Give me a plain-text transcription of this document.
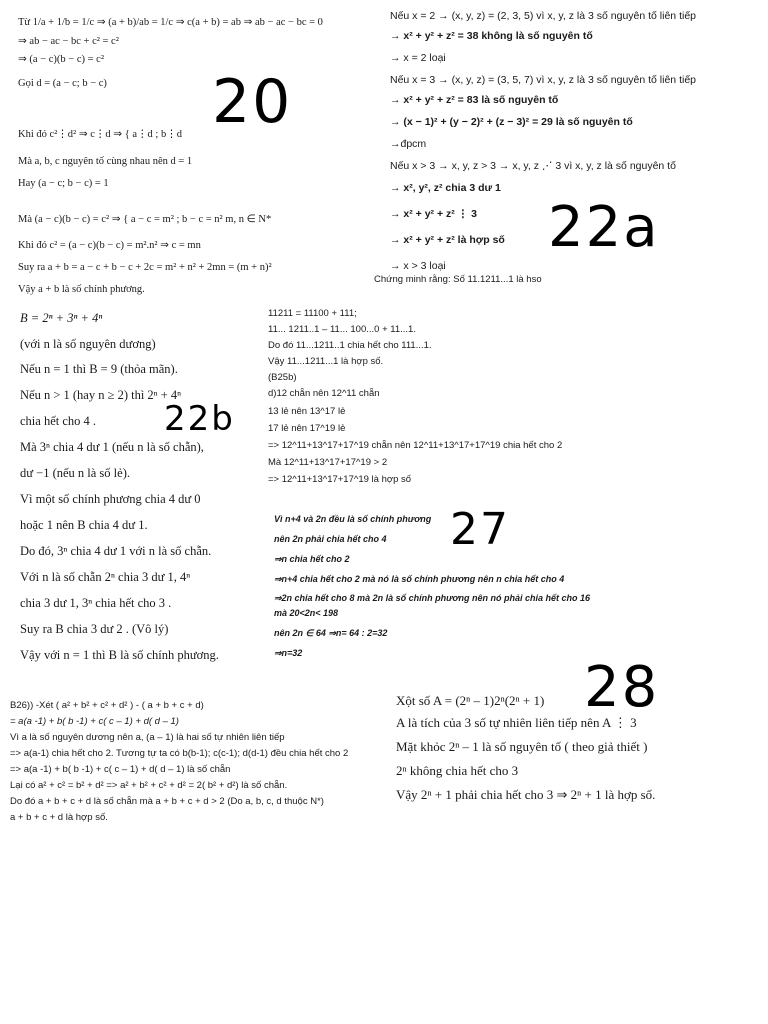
Từ 1/a + 1/b = 1/c ⇒ (a + b)/ab = 1/c ⇒ c(a + b) = ab ⇒ ab − ac − bc = 0
⇒ ab − ac − bc + c² = c²
⇒ (a − c)(b − c) = c²
Gọi d = (a − c; b − c)
Khi đó c²⋮d² ⇒ c⋮d ⇒ { a⋮d ; b⋮d
Mà a, b, c nguyên tố cùng nhau nên d = 1
Hay (a − c; b − c) = 1
Mà (a − c)(b − c) = c² ⇒ { a − c = m² ; b − c = n² m, n ∈ N*
Khi đó c² = (a − c)(b − c) = m².n² ⇒ c = mn
Suy ra a + b = a − c + b − c + 2c = m² + n² + 2mn = (m + n)²
Vậy a + b là số chính phương.
20
Nếu x = 2 → (x, y, z) = (2, 3, 5) vì x, y, z là 3 số nguyên tố liên tiếp
→ x² + y² + z² = 38 không là số nguyên tố
→ x = 2 loại
Nếu x = 3 → (x, y, z) = (3, 5, 7) vì x, y, z là 3 số nguyên tố liên tiếp
→ x² + y² + z² = 83 là số nguyên tố
→ (x − 1)² + (y − 2)² + (z − 3)² = 29 là số nguyên tố
→đpcm
Nếu x > 3 → x, y, z > 3 → x, y, z ⋰ 3 vì x, y, z là số nguyên tố
→ x², y², z² chia 3 dư 1
→ x² + y² + z² ⋮ 3
→ x² + y² + z² là hợp số
→ x > 3 loại
22a
Chứng minh rằng: Số 11.1211...1 là hso
B = 2ⁿ + 3ⁿ + 4ⁿ
(với n là số nguyên dương)
Nếu n = 1 thì B = 9 (thỏa mãn).
Nếu n > 1 (hay n ≥ 2) thì 2ⁿ + 4ⁿ
chia hết cho 4 .
Mà 3ⁿ chia 4 dư 1 (nếu n là số chẵn),
dư −1 (nếu n là số lẻ).
Vì một số chính phương chia 4 dư 0
hoặc 1 nên B chia 4 dư 1.
Do đó, 3ⁿ chia 4 dư 1 với n là số chẵn.
Với n là số chẵn 2ⁿ chia 3 dư 1, 4ⁿ
chia 3 dư 1, 3ⁿ chia hết cho 3 .
Suy ra B chia 3 dư 2 . (Vô lý)
Vậy với n = 1 thì B là số chính phương.
22b
11211 = 11100 + 111;
11... 1211..1 – 11... 100...0 + 11...1.
Do đó 11...1211..1 chia hết cho 111...1.
Vậy 11...1211...1 là hợp số.
(B25b)
d)12 chẵn nên 12^11 chẵn
13 lẻ nên 13^17 lẻ
17 lẻ nên 17^19 lẻ
=> 12^11+13^17+17^19 chẵn nên 12^11+13^17+17^19 chia hết cho 2
Mà 12^11+13^17+17^19 > 2
=> 12^11+13^17+17^19 là hợp số
Vì n+4 và 2n đều là số chính phương
nên 2n phải chia hết cho 4
⇒n chia hết cho 2
⇒n+4 chia hết cho 2 mà nó là số chính phương nên n chia hết cho 4
⇒2n chia hết cho 8 mà 2n là số chính phương nên nó phải chia hết cho 16
mà 20<2n< 198
nên 2n ∈ 64 ⇒n= 64 : 2=32
⇒n=32
27
B26)) -Xét ( a² + b² + c² + d² ) - ( a + b + c + d)
= a(a -1) + b( b -1) + c( c – 1) + d( d – 1)
Vì a là số nguyên dương nên a, (a – 1) là hai số tự nhiên liên tiếp
=> a(a-1) chia hết cho 2. Tương tự ta có b(b-1); c(c-1); d(d-1) đều chia hết cho 2
=> a(a -1) + b( b -1) + c( c – 1) + d( d – 1) là số chẵn
Lại có a² + c² = b² + d² => a² + b² + c² + d² = 2( b² + d²) là số chẵn.
Do đó a + b + c + d là số chẵn mà a + b + c + d > 2 (Do a, b, c, d thuộc N*)
a + b + c + d là hợp số.
Xột số A = (2ⁿ – 1)2ⁿ(2ⁿ + 1)
A là tích của 3 số tự nhiên liên tiếp nên A ⋮ 3
Mặt khỏc 2ⁿ – 1 là số nguyên tố ( theo giả thiết )
2ⁿ không chia hết cho 3
Vậy 2ⁿ + 1 phải chia hết cho 3 ⇒ 2ⁿ + 1 là hợp số.
28
